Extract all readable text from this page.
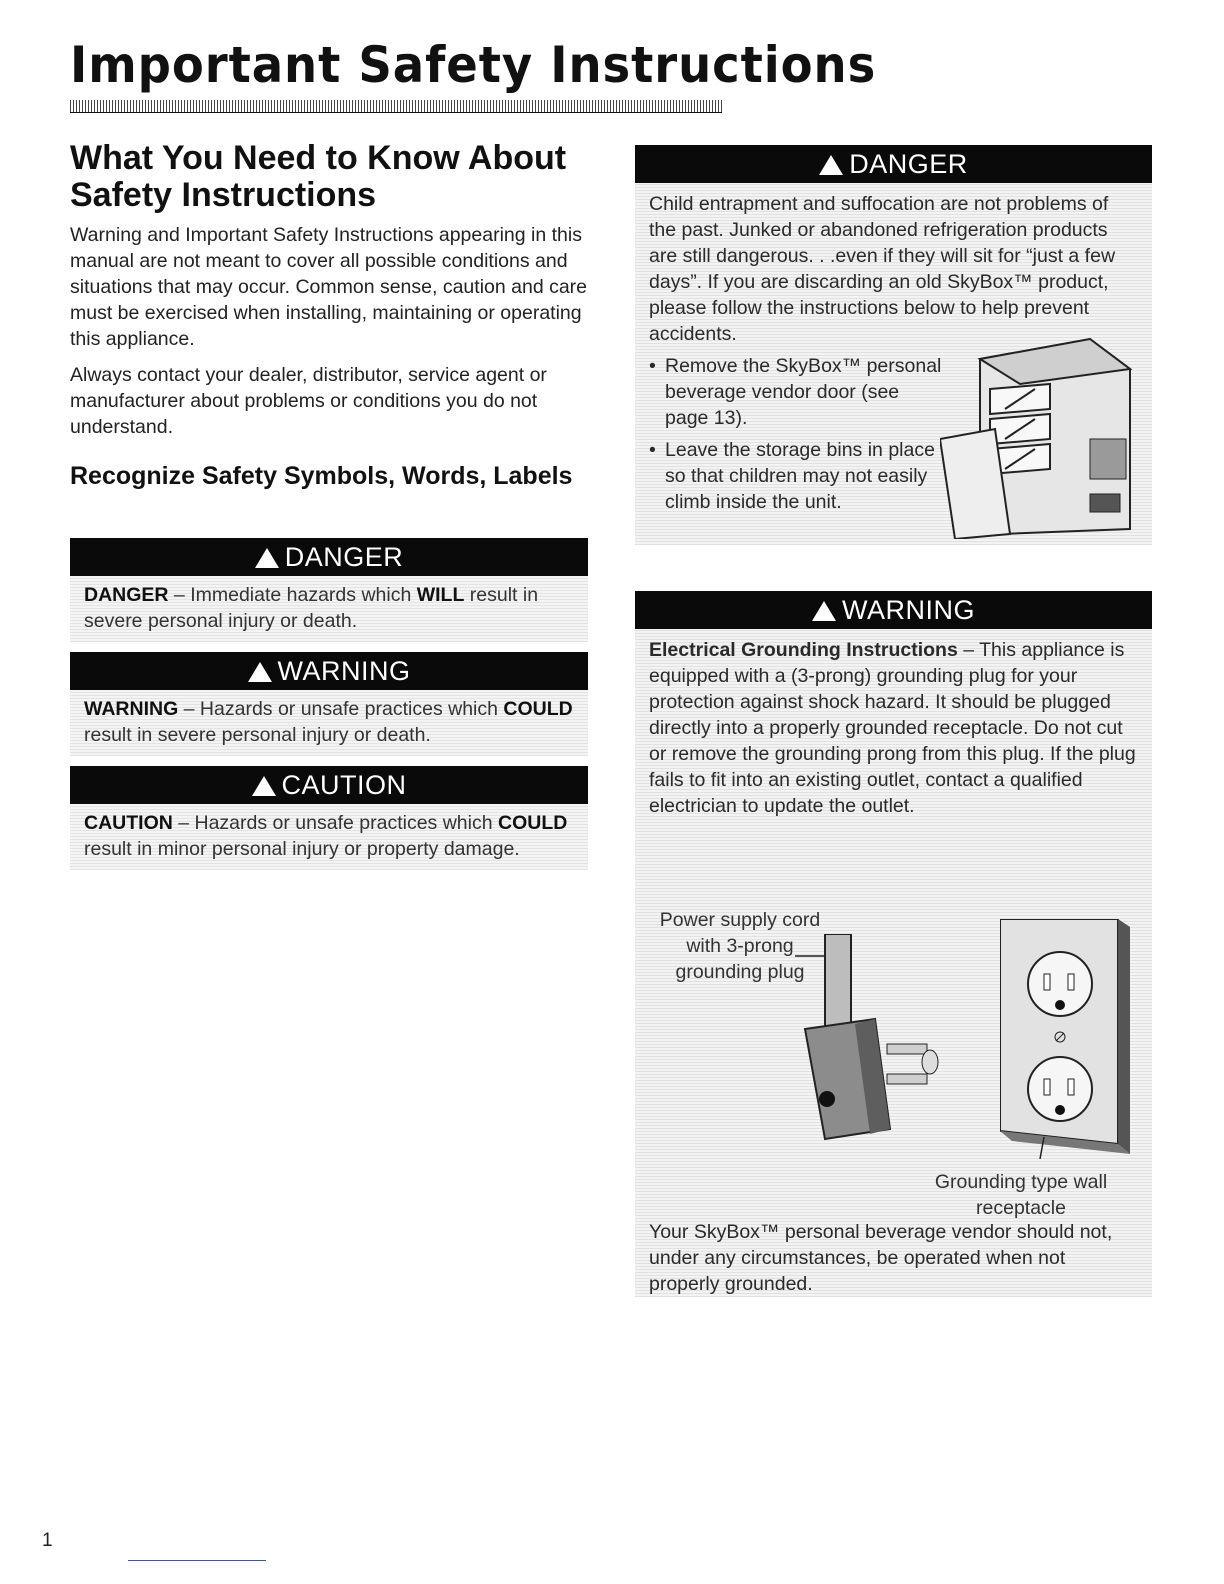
Important Safety Instructions
What You Need to Know About Safety Instructions

Warning and Important Safety Instructions appearing in this manual are not meant to cover all possible conditions and situations that may occur. Common sense, caution and care must be exercised when installing, maintaining or operating this appliance.

Always contact your dealer, distributor, service agent or manufacturer about problems or conditions you do not understand.

Recognize Safety Symbols, Words, Labels
DANGER
DANGER – Immediate hazards which WILL result in severe personal injury or death.
WARNING
WARNING – Hazards or unsafe practices which COULD result in severe personal injury or death.
CAUTION
CAUTION – Hazards or unsafe practices which COULD result in minor personal injury or property damage.
DANGER
Child entrapment and suffocation are not problems of the past. Junked or abandoned refrigeration products are still dangerous. . .even if they will sit for “just a few days”. If you are discarding an old SkyBox™ product, please follow the instructions below to help prevent accidents.
• Remove the SkyBox™ personal beverage vendor door (see page 13).
• Leave the storage bins in place so that children may not easily climb inside the unit.
WARNING
Electrical Grounding Instructions – This appliance is equipped with a (3-prong) grounding plug for your protection against shock hazard. It should be plugged directly into a properly grounded receptacle. Do not cut or remove the grounding prong from this plug. If the plug fails to fit into an existing outlet, contact a qualified electrician to update the outlet.
Power supply cord with 3-prong grounding plug
Grounding type wall receptacle
Your SkyBox™ personal beverage vendor should not, under any circumstances, be operated when not properly grounded.
1
